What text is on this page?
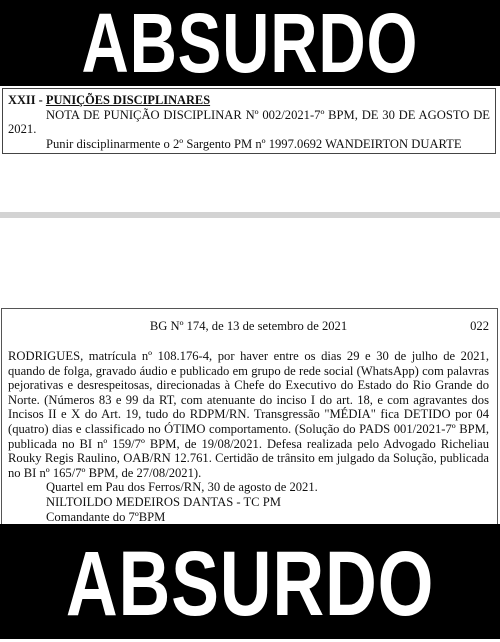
ABSURDO
XXII - PUNIÇÕES DISCIPLINARES
NOTA DE PUNIÇÃO DISCIPLINAR Nº 002/2021-7º BPM, DE 30 DE AGOSTO DE 2021.
Punir disciplinarmente o 2º Sargento PM nº 1997.0692 WANDEIRTON DUARTE
BG Nº 174, de 13 de setembro de 2021	022
RODRIGUES, matrícula nº 108.176-4, por haver entre os dias 29 e 30 de julho de 2021, quando de folga, gravado áudio e publicado em grupo de rede social (WhatsApp) com palavras pejorativas e desrespeitosas, direcionadas à Chefe do Executivo do Estado do Rio Grande do Norte. (Números 83 e 99 da RT, com atenuante do inciso I do art. 18, e com agravantes dos Incisos II e X do Art. 19, tudo do RDPM/RN. Transgressão "MÉDIA" fica DETIDO por 04 (quatro) dias e classificado no ÓTIMO comportamento. (Solução do PADS 001/2021-7º BPM, publicada no BI nº 159/7º BPM, de 19/08/2021. Defesa realizada pelo Advogado Richeliau Rouky Regis Raulino, OAB/RN 12.761. Certidão de trânsito em julgado da Solução, publicada no BI nº 165/7º BPM, de 27/08/2021).
Quartel em Pau dos Ferros/RN, 30 de agosto de 2021.
NILTOILDO MEDEIROS DANTAS - TC PM
Comandante do 7ºBPM
ABSURDO
